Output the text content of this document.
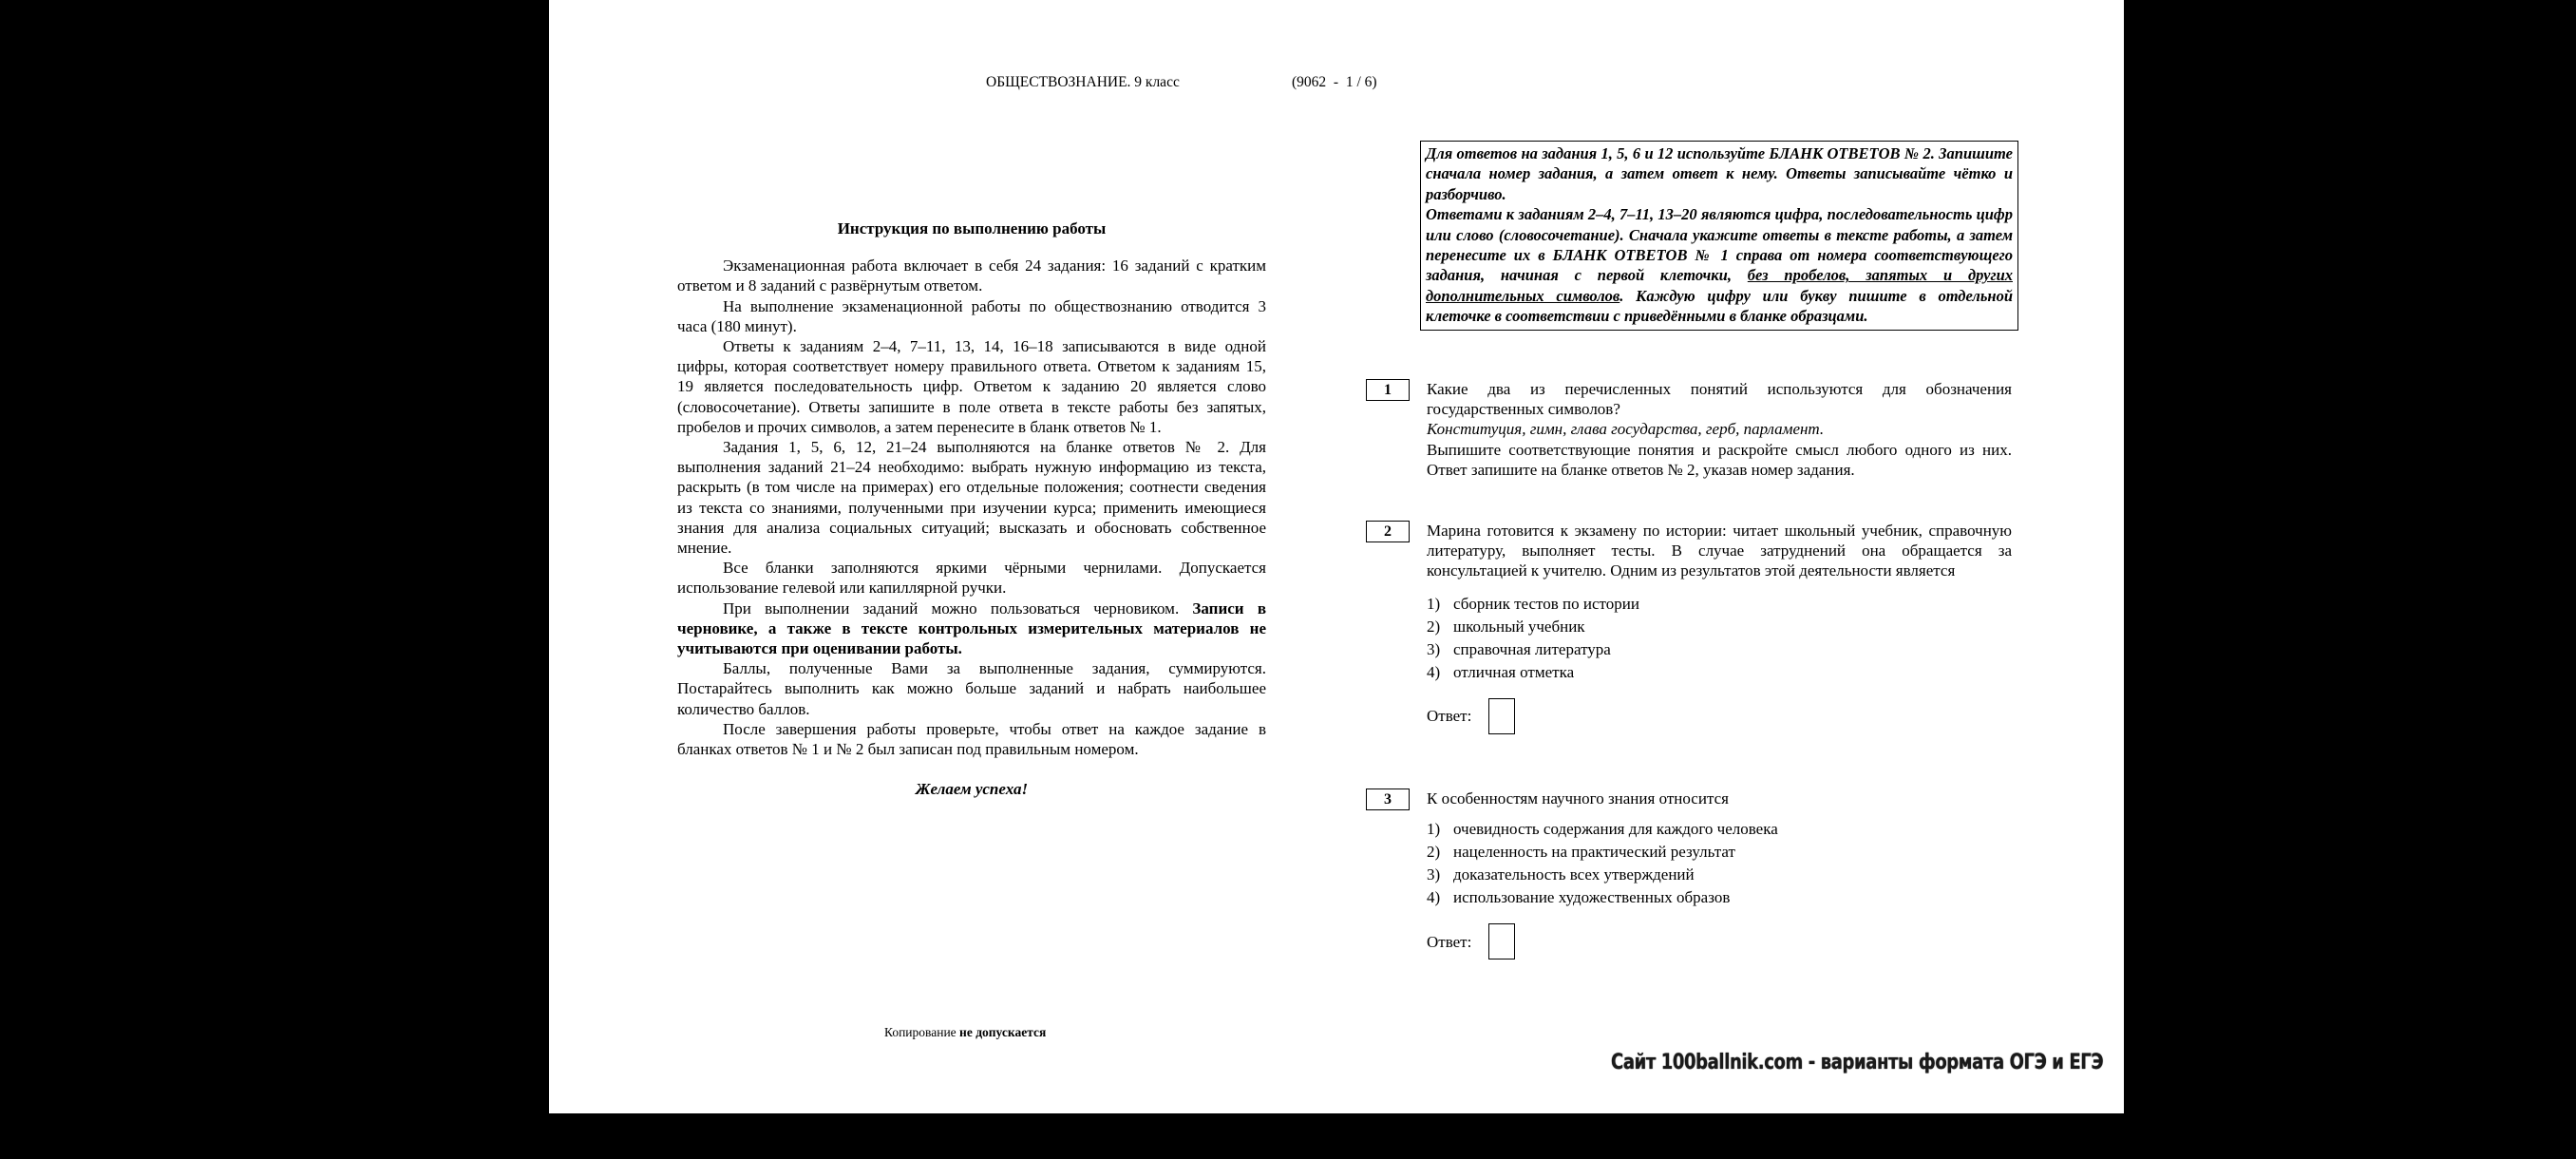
ОБЩЕСТВОЗНАНИЕ. 9 класс	(9062  -  1 / 6)
Инструкция по выполнению работы

Экзаменационная работа включает в себя 24 задания: 16 заданий с кратким ответом и 8 заданий с развёрнутым ответом.

На выполнение экзаменационной работы по обществознанию отводится 3 часа (180 минут).

Ответы к заданиям 2–4, 7–11, 13, 14, 16–18 записываются в виде одной цифры, которая соответствует номеру правильного ответа. Ответом к заданиям 15, 19 является последовательность цифр. Ответом к заданию 20 является слово (словосочетание). Ответы запишите в поле ответа в тексте работы без запятых, пробелов и прочих символов, а затем перенесите в бланк ответов № 1.

Задания 1, 5, 6, 12, 21–24 выполняются на бланке ответов № 2. Для выполнения заданий 21–24 необходимо: выбрать нужную информацию из текста, раскрыть (в том числе на примерах) его отдельные положения; соотнести сведения из текста со знаниями, полученными при изучении курса; применить имеющиеся знания для анализа социальных ситуаций; высказать и обосновать собственное мнение.

Все бланки заполняются яркими чёрными чернилами. Допускается использование гелевой или капиллярной ручки.

При выполнении заданий можно пользоваться черновиком. Записи в черновике, а также в тексте контрольных измерительных материалов не учитываются при оценивании работы.

Баллы, полученные Вами за выполненные задания, суммируются. Постарайтесь выполнить как можно больше заданий и набрать наибольшее количество баллов.

После завершения работы проверьте, чтобы ответ на каждое задание в бланках ответов № 1 и № 2 был записан под правильным номером.

Желаем успеха!

Копирование не допускается
Для ответов на задания 1, 5, 6 и 12 используйте БЛАНК ОТВЕТОВ № 2. Запишите сначала номер задания, а затем ответ к нему. Ответы записывайте чётко и разборчиво.
Ответами к заданиям 2–4, 7–11, 13–20 являются цифра, последовательность цифр или слово (словосочетание). Сначала укажите ответы в тексте работы, а затем перенесите их в БЛАНК ОТВЕТОВ № 1 справа от номера соответствующего задания, начиная с первой клеточки, без пробелов, запятых и других дополнительных символов. Каждую цифру или букву пишите в отдельной клеточке в соответствии с приведёнными в бланке образцами.
1	Какие два из перечисленных понятий используются для обозначения государственных символов?

Конституция, гимн, глава государства, герб, парламент.

Выпишите соответствующие понятия и раскройте смысл любого одного из них. Ответ запишите на бланке ответов № 2, указав номер задания.

2	Марина готовится к экзамену по истории: читает школьный учебник, справочную литературу, выполняет тесты. В случае затруднений она обращается за консультацией к учителю. Одним из результатов этой деятельности является

1) сборник тестов по истории
2) школьный учебник
3) справочная литература
4) отличная отметка
Ответ:
3	К особенностям научного знания относится

1) очевидность содержания для каждого человека
2) нацеленность на практический результат
3) доказательность всех утверждений
4) использование художественных образов
Ответ:
Сайт 100ballnik.com - варианты формата ОГЭ и ЕГЭ
